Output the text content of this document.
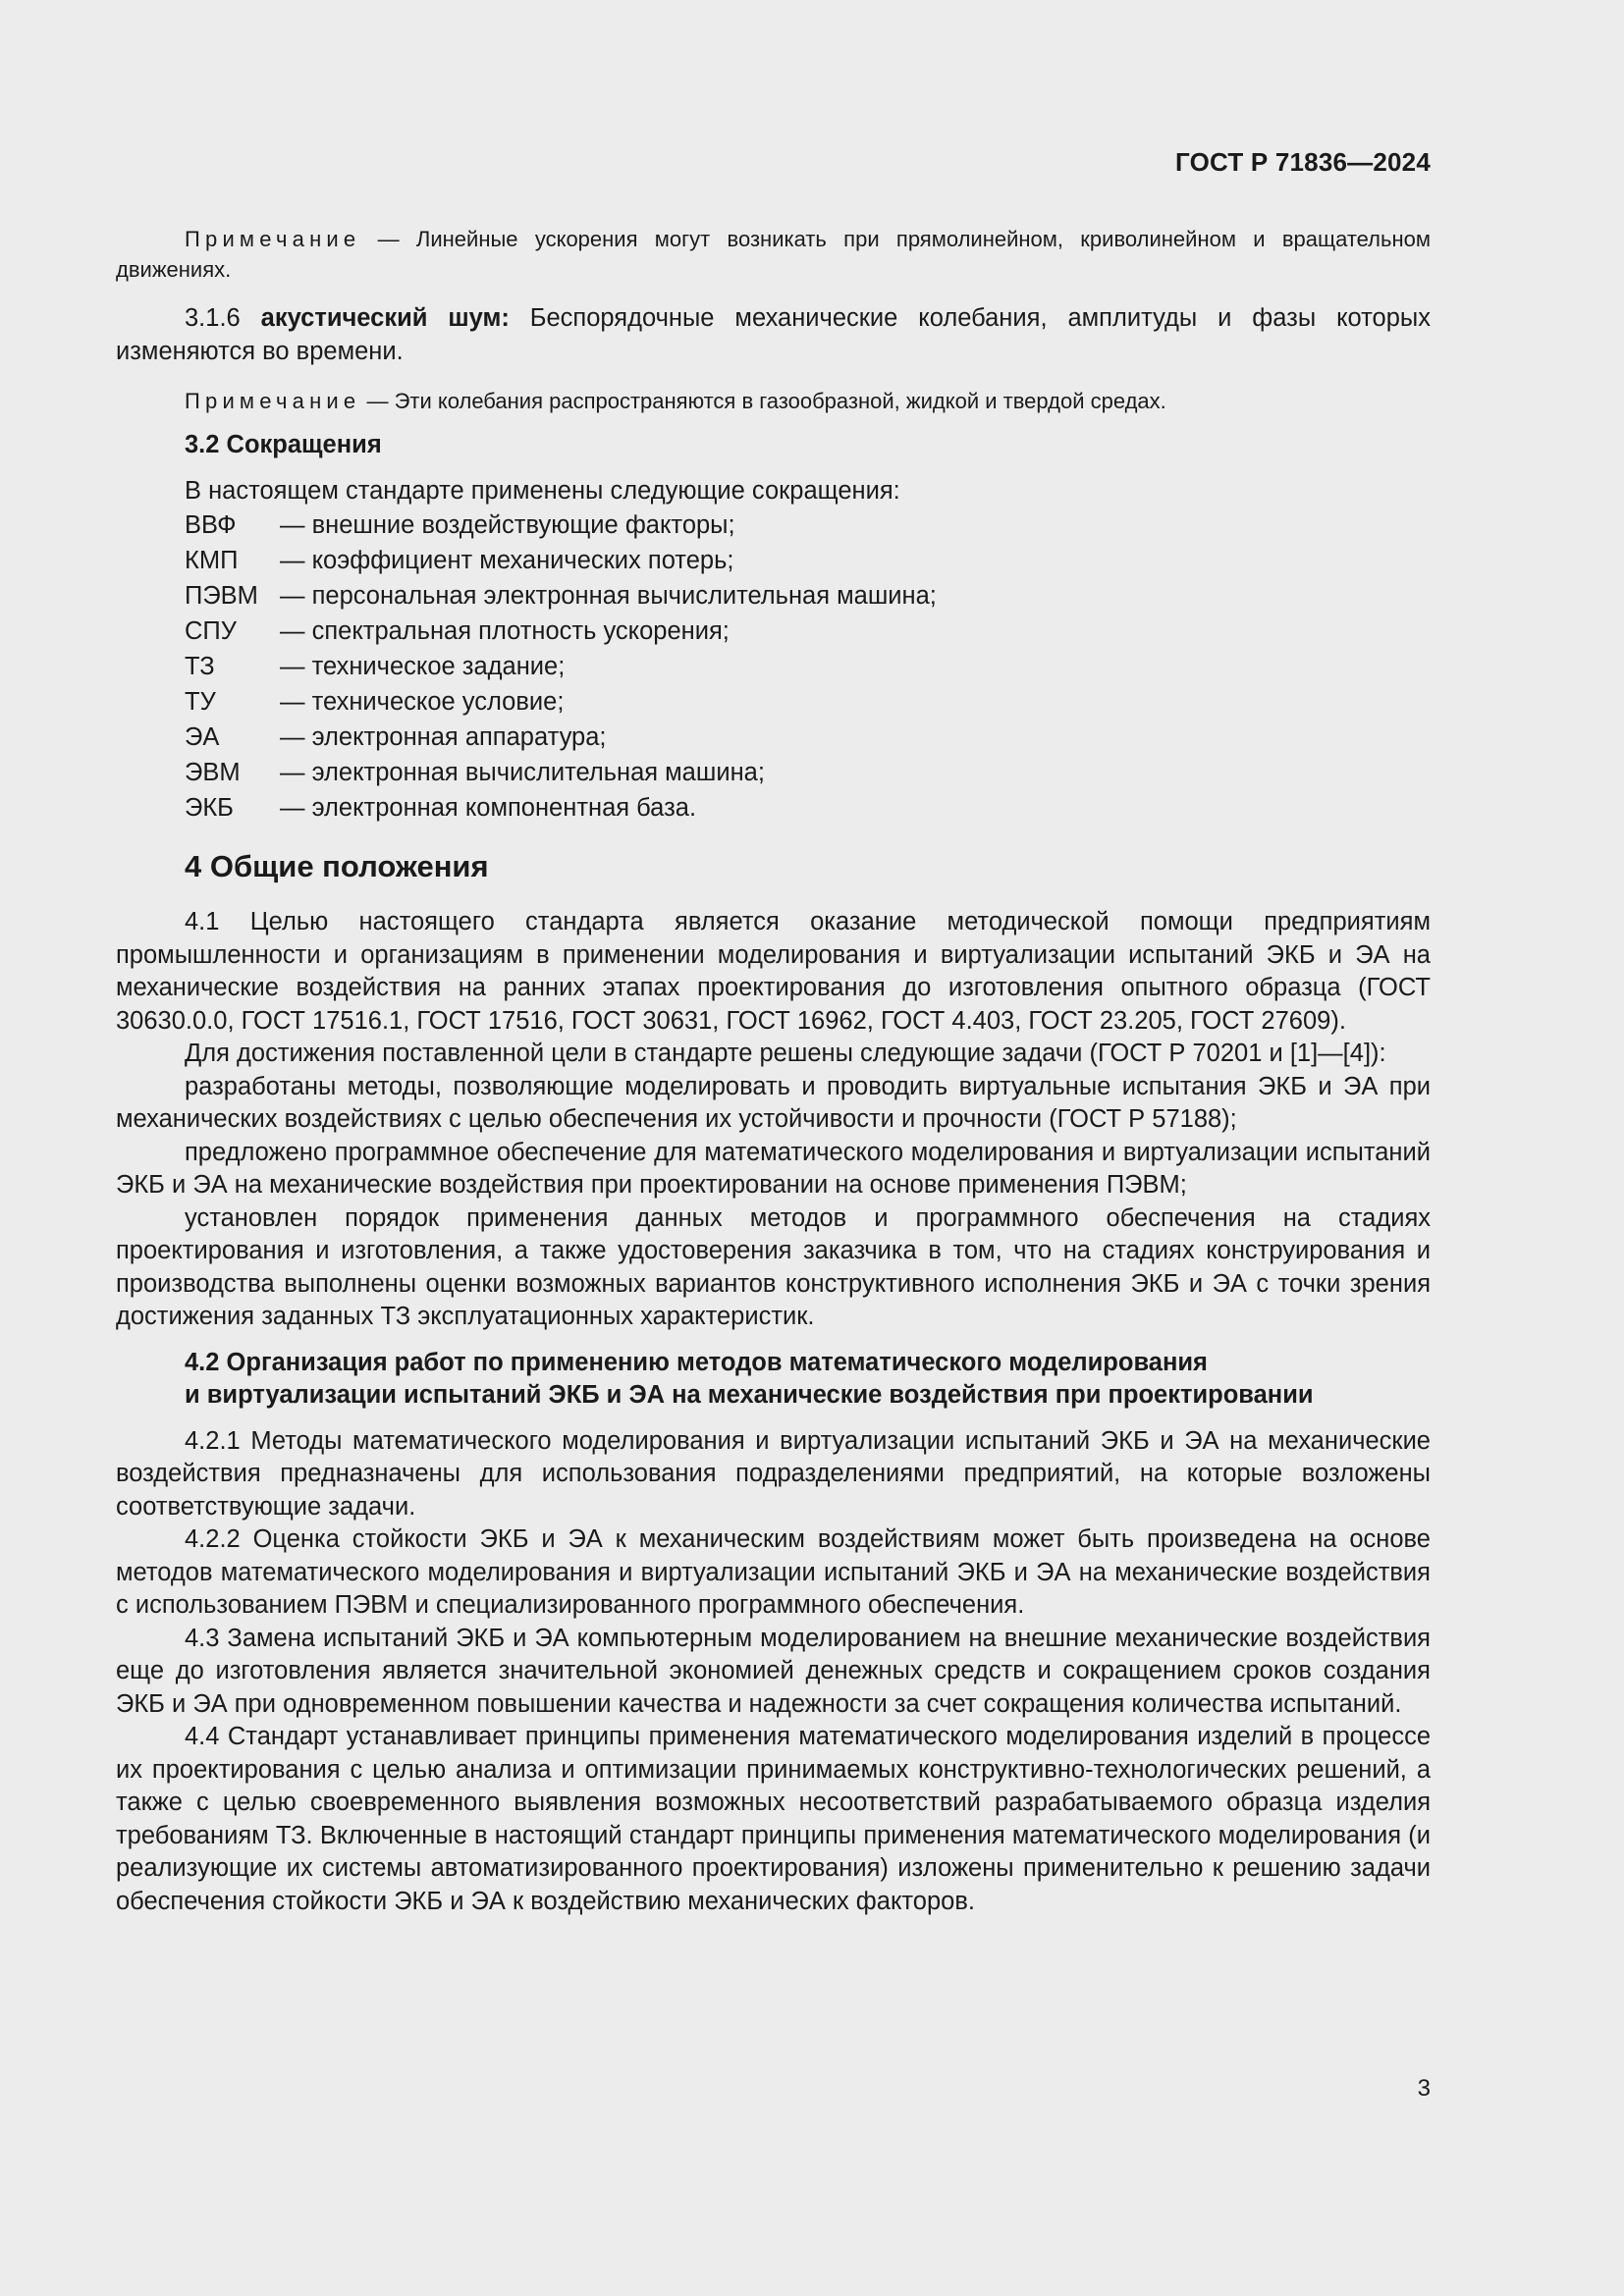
ГОСТ Р 71836—2024

Примечание — Линейные ускорения могут возникать при прямолинейном, криволинейном и вращательном движениях.

3.1.6 акустический шум: Беспорядочные механические колебания, амплитуды и фазы которых изменяются во времени.

Примечание — Эти колебания распространяются в газообразной, жидкой и твердой средах.

3.2 Сокращения

В настоящем стандарте применены следующие сокращения:

ВВФ	— внешние воздействующие факторы;
КМП	— коэффициент механических потерь;
ПЭВМ — персональная электронная вычислительная машина;
СПУ	— спектральная плотность ускорения;
ТЗ	— техническое задание;
ТУ	— техническое условие;
ЭА	— электронная аппаратура;
ЭВМ	— электронная вычислительная машина;
ЭКБ	— электронная компонентная база.
4 Общие положения

4.1 Целью настоящего стандарта является оказание методической помощи предприятиям промышленности и организациям в применении моделирования и виртуализации испытаний ЭКБ и ЭА на механические воздействия на ранних этапах проектирования до изготовления опытного образца (ГОСТ 30630.0.0, ГОСТ 17516.1, ГОСТ 17516, ГОСТ 30631, ГОСТ 16962, ГОСТ 4.403, ГОСТ 23.205, ГОСТ 27609).

Для достижения поставленной цели в стандарте решены следующие задачи (ГОСТ Р 70201 и [1]—[4]):

разработаны методы, позволяющие моделировать и проводить виртуальные испытания ЭКБ и ЭА при механических воздействиях с целью обеспечения их устойчивости и прочности (ГОСТ Р 57188);

предложено программное обеспечение для математического моделирования и виртуализации испытаний ЭКБ и ЭА на механические воздействия при проектировании на основе применения ПЭВМ;

установлен порядок применения данных методов и программного обеспечения на стадиях проектирования и изготовления, а также удостоверения заказчика в том, что на стадиях конструирования и производства выполнены оценки возможных вариантов конструктивного исполнения ЭКБ и ЭА с точки зрения достижения заданных ТЗ эксплуатационных характеристик.

4.2 Организация работ по применению методов математического моделирования
и виртуализации испытаний ЭКБ и ЭА на механические воздействия при проектировании

4.2.1 Методы математического моделирования и виртуализации испытаний ЭКБ и ЭА на механические воздействия предназначены для использования подразделениями предприятий, на которые возложены соответствующие задачи.

4.2.2 Оценка стойкости ЭКБ и ЭА к механическим воздействиям может быть произведена на основе методов математического моделирования и виртуализации испытаний ЭКБ и ЭА на механические воздействия с использованием ПЭВМ и специализированного программного обеспечения.

4.3 Замена испытаний ЭКБ и ЭА компьютерным моделированием на внешние механические воздействия еще до изготовления является значительной экономией денежных средств и сокращением сроков создания ЭКБ и ЭА при одновременном повышении качества и надежности за счет сокращения количества испытаний.

4.4 Стандарт устанавливает принципы применения математического моделирования изделий в процессе их проектирования с целью анализа и оптимизации принимаемых конструктивно-технологических решений, а также с целью своевременного выявления возможных несоответствий разрабатываемого образца изделия требованиям ТЗ. Включенные в настоящий стандарт принципы применения математического моделирования (и реализующие их системы автоматизированного проектирования) изложены применительно к решению задачи обеспечения стойкости ЭКБ и ЭА к воздействию механических факторов.

3
